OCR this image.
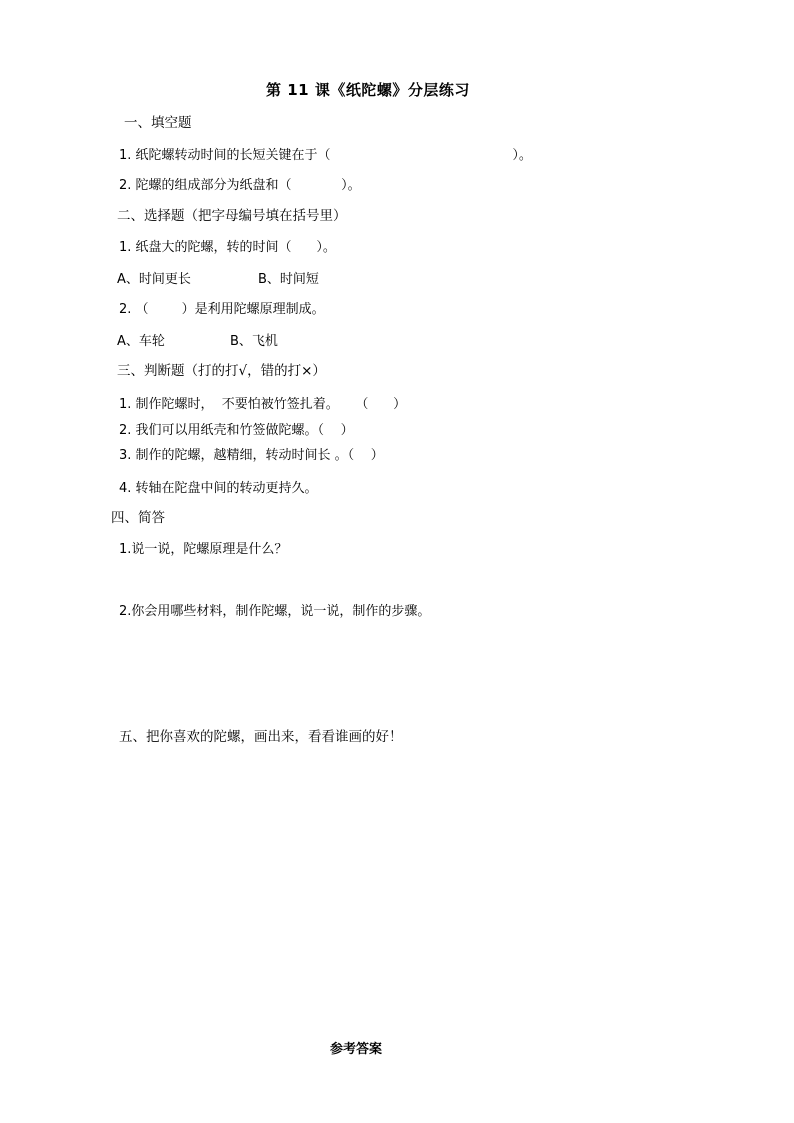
第 11 课《纸陀螺》分层练习
一、填空题
1. 纸陀螺转动时间的长短关键在于（                                            ）。
2. 陀螺的组成部分为纸盘和（            ）。
二、选择题（把字母编号填在括号里）
1. 纸盘大的陀螺，转的时间（      ）。
A、时间更长	B、时间短
2. （        ）是利用陀螺原理制成。
A、车轮	B、飞机
三、判断题（打的打√，错的打×）
1. 制作陀螺时，  不要怕被竹签扎着。    （      ）
2. 我们可以用纸壳和竹签做陀螺。（    ）
3. 制作的陀螺，越精细，转动时间长 。（    ）
4. 转轴在陀盘中间的转动更持久。
四、简答
1.说一说，陀螺原理是什么？
2.你会用哪些材料，制作陀螺，说一说，制作的步骤。
五、把你喜欢的陀螺，画出来，看看谁画的好！
参考答案
